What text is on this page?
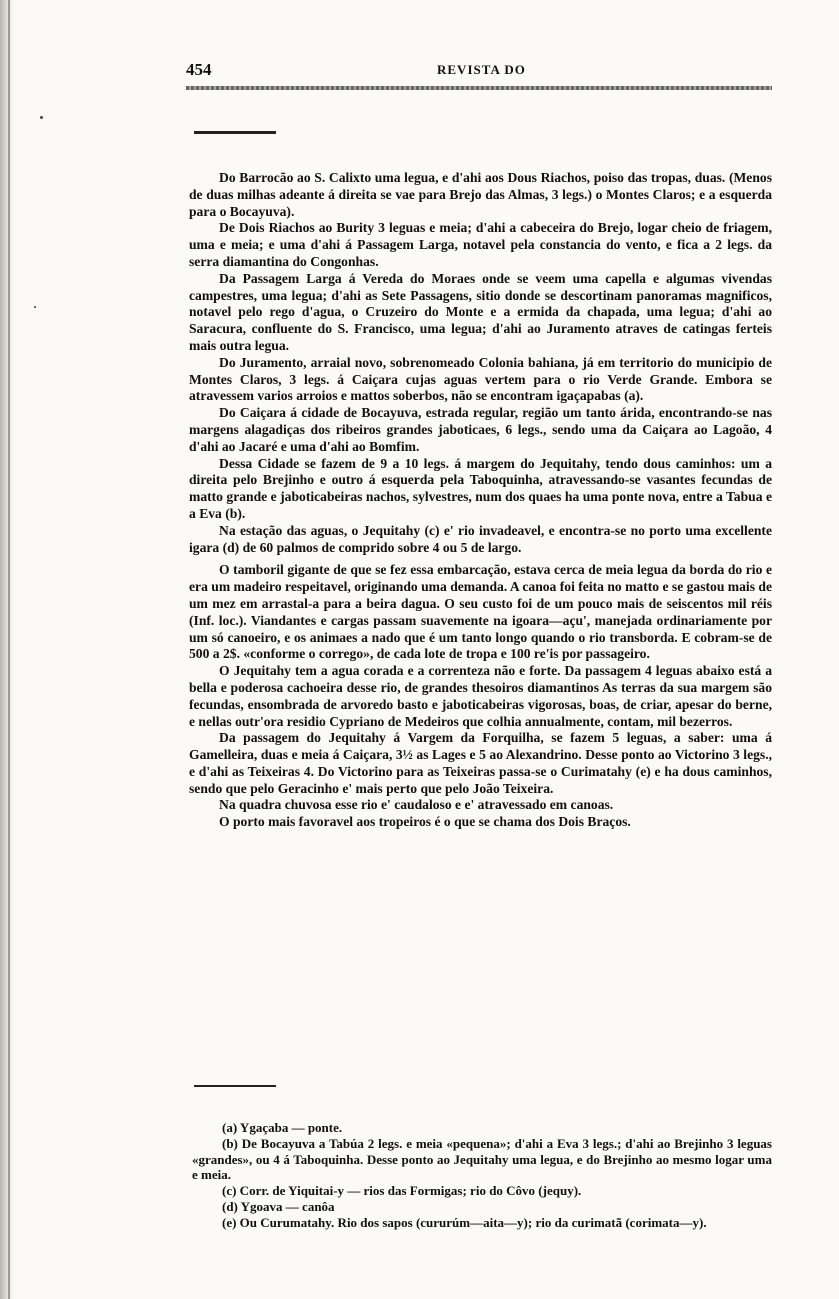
454	REVISTA DO

Do Barrocão ao S. Calixto uma legua, e d'ahi aos Dous Riachos, poiso das tropas, duas. (Menos de duas milhas adeante á direita se vae para Brejo das Almas, 3 legs.) o Montes Claros; e a esquerda para o Bocayuva).

De Dois Riachos ao Burity 3 leguas e meia; d'ahi a cabeceira do Brejo, logar cheio de friagem, uma e meia; e uma d'ahi á Passagem Larga, notavel pela constancia do vento, e fica a 2 legs. da serra diamantina do Congonhas.

Da Passagem Larga á Vereda do Moraes onde se veem uma capella e algumas vivendas campestres, uma legua; d'ahi as Sete Passagens, sitio donde se descortinam panoramas magnificos, notavel pelo rego d'agua, o Cruzeiro do Monte e a ermida da chapada, uma legua; d'ahi ao Saracura, confluente do S. Francisco, uma legua; d'ahi ao Juramento atraves de catingas ferteis mais outra legua.

Do Juramento, arraial novo, sobrenomeado Colonia bahiana, já em territorio do municipio de Montes Claros, 3 legs. á Caiçara cujas aguas vertem para o rio Verde Grande. Embora se atravessem varios arroios e mattos soberbos, não se encontram igaçapabas (a).

Do Caiçara á cidade de Bocayuva, estrada regular, região um tanto árida, encontrando-se nas margens alagadiças dos ribeiros grandes jaboticaes, 6 legs., sendo uma da Caiçara ao Lagoão, 4 d'ahi ao Jacaré e uma d'ahi ao Bomfim.

Dessa Cidade se fazem de 9 a 10 legs. á margem do Jequitahy, tendo dous caminhos: um a direita pelo Brejinho e outro á esquerda pela Taboquinha, atravessando-se vasantes fecundas de matto grande e jaboticabeiras nachos, sylvestres, num dos quaes ha uma ponte nova, entre a Tabua e a Eva (b).

Na estação das aguas, o Jequitahy (c) e' rio invadeavel, e encontra-se no porto uma excellente igara (d) de 60 palmos de comprido sobre 4 ou 5 de largo.

O tamboril gigante de que se fez essa embarcação, estava cerca de meia legua da borda do rio e era um madeiro respeitavel, originando uma demanda. A canoa foi feita no matto e se gastou mais de um mez em arrastal-a para a beira dagua. O seu custo foi de um pouco mais de seiscentos mil réis (Inf. loc.). Viandantes e cargas passam suavemente na igoara—açu', manejada ordinariamente por um só canoeiro, e os animaes a nado que é um tanto longo quando o rio transborda. E cobram-se de 500 a 2$. «conforme o corrego», de cada lote de tropa e 100 re'is por passageiro.

O Jequitahy tem a agua corada e a correnteza não e forte. Da passagem 4 leguas abaixo está a bella e poderosa cachoeira desse rio, de grandes thesoiros diamantinos As terras da sua margem são fecundas, ensombrada de arvoredo basto e jaboticabeiras vigorosas, boas, de criar, apesar do berne, e nellas outr'ora residio Cypriano de Medeiros que colhia annualmente, contam, mil bezerros.

Da passagem do Jequitahy á Vargem da Forquilha, se fazem 5 leguas, a saber: uma á Gamelleira, duas e meia á Caiçara, 3½ as Lages e 5 ao Alexandrino. Desse ponto ao Victorino 3 legs., e d'ahi as Teixeiras 4. Do Victorino para as Teixeiras passa-se o Curimatahy (e) e ha dous caminhos, sendo que pelo Geracinho e' mais perto que pelo João Teixeira.

Na quadra chuvosa esse rio e' caudaloso e e' atravessado em canoas.

O porto mais favoravel aos tropeiros é o que se chama dos Dois Braços.

(a) Ygaçaba — ponte.

(b) De Bocayuva a Tabúa 2 legs. e meia «pequena»; d'ahi a Eva 3 legs.; d'ahi ao Brejinho 3 leguas «grandes», ou 4 á Taboquinha. Desse ponto ao Jequitahy uma legua, e do Brejinho ao mesmo logar uma e meia.

(c) Corr. de Yiquitai-y — rios das Formigas; rio do Côvo (jequy).

(d) Ygoava — canôa

(e) Ou Curumatahy. Rio dos sapos (cururúm—aita—y); rio da curimatã (corimata—y).
